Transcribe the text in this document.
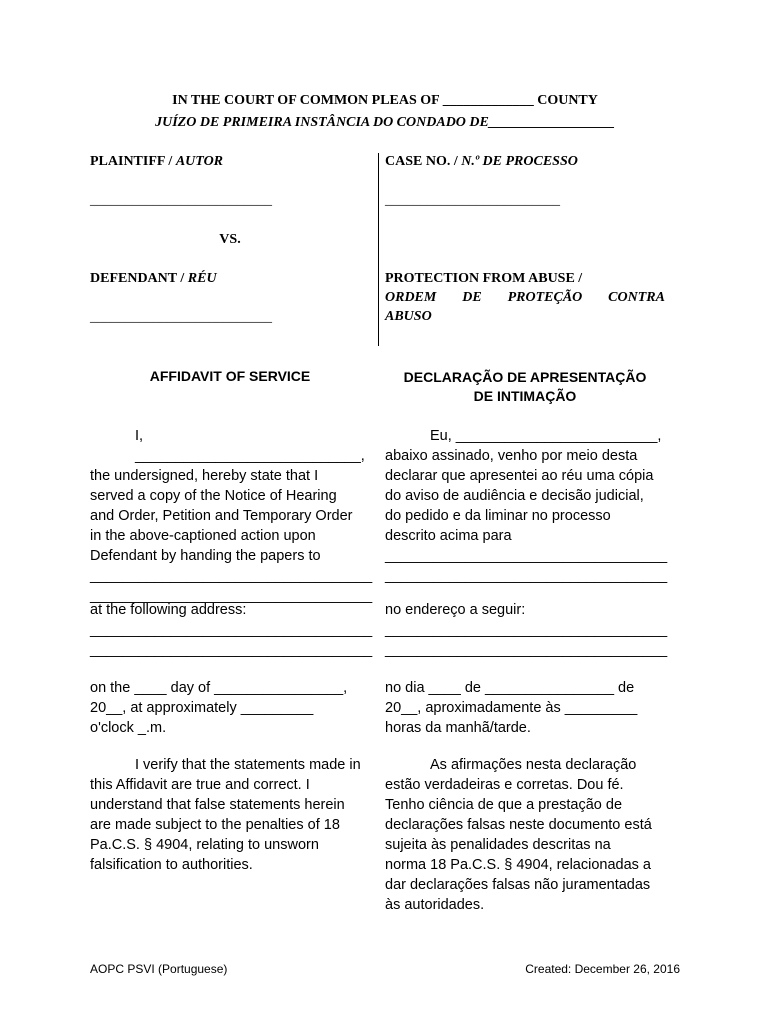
IN THE COURT OF COMMON PLEAS OF _____________ COUNTY
JUÍZO DE PRIMEIRA INSTÂNCIA DO CONDADO DE__________________
PLAINTIFF / AUTOR
__________________________
VS.
DEFENDANT / RÉU
__________________________
CASE NO. / N.º DE PROCESSO
_________________________
PROTECTION FROM ABUSE /
ORDEM DE PROTEÇÃO CONTRA
ABUSO
AFFIDAVIT OF SERVICE	DECLARAÇÃO DE APRESENTAÇÃO
DE INTIMAÇÃO
I, ____________________________,
the undersigned, hereby state that I
served a copy of the Notice of Hearing
and Order, Petition and Temporary Order
in the above-captioned action upon
Defendant by handing the papers to
___________________________________
___________________________________
Eu, _________________________,
abaixo assinado, venho por meio desta
declarar que apresentei ao réu uma cópia
do aviso de audiência e decisão judicial,
do pedido e da liminar no processo
descrito acima para
___________________________________
___________________________________
at the following address:
___________________________________
___________________________________
no endereço a seguir:
___________________________________
___________________________________
on the ____ day of ________________,
20__, at approximately _________
o'clock _.m.
no dia ____ de ________________ de
20__, aproximadamente às _________
horas da manhã/tarde.
I verify that the statements made in
this Affidavit are true and correct. I
understand that false statements herein
are made subject to the penalties of 18
Pa.C.S. § 4904, relating to unsworn
falsification to authorities.
As afirmações nesta declaração
estão verdadeiras e corretas. Dou fé.
Tenho ciência de que a prestação de
declarações falsas neste documento está
sujeita às penalidades descritas na
norma 18 Pa.C.S. § 4904, relacionadas a
dar declarações falsas não juramentadas
às autoridades.
AOPC PSVI (Portuguese)	Created: December 26, 2016
